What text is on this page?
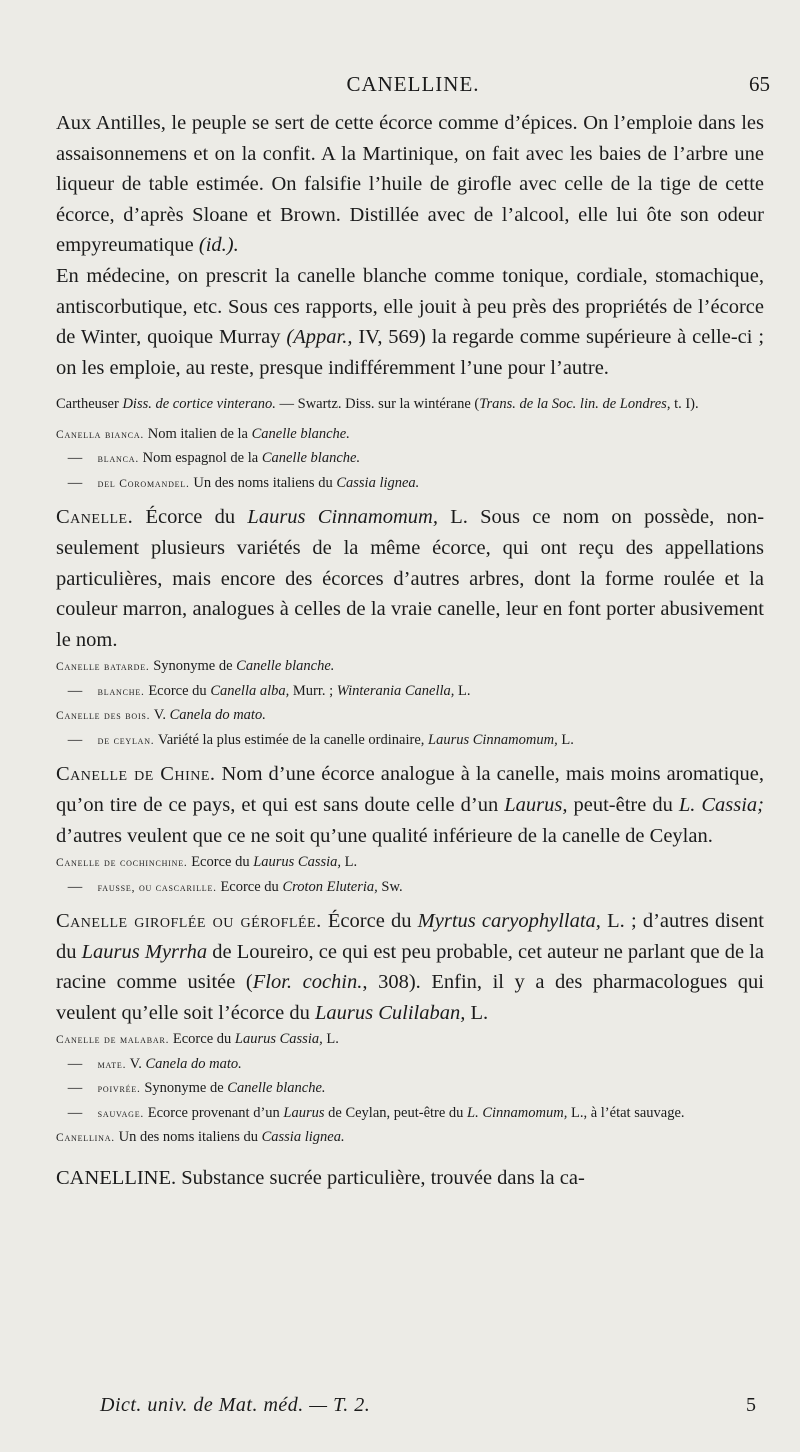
CANELLINE.	65

Aux Antilles, le peuple se sert de cette écorce comme d’épices. On l’emploie dans les assaisonnemens et on la confit. A la Martinique, on fait avec les baies de l’arbre une liqueur de table estimée. On falsifie l’huile de girofle avec celle de la tige de cette écorce, d’après Sloane et Brown. Distillée avec de l’alcool, elle lui ôte son odeur empyreumatique (id.).

En médecine, on prescrit la canelle blanche comme tonique, cordiale, stomachique, antiscorbutique, etc. Sous ces rapports, elle jouit à peu près des propriétés de l’écorce de Winter, quoique Murray (Appar., IV, 569) la regarde comme supérieure à celle-ci ; on les emploie, au reste, presque indifféremment l’une pour l’autre.

Cartheuser Diss. de cortice vinterano. — Swartz. Diss. sur la wintérane (Trans. de la Soc. lin. de Londres, t. I).

Canella bianca. Nom italien de la Canelle blanche.

— blanca. Nom espagnol de la Canelle blanche.

— del Coromandel. Un des noms italiens du Cassia lignea.

Canelle. Écorce du Laurus Cinnamomum, L. Sous ce nom on possède, non-seulement plusieurs variétés de la même écorce, qui ont reçu des appellations particulières, mais encore des écorces d’autres arbres, dont la forme roulée et la couleur marron, analogues à celles de la vraie canelle, leur en font porter abusivement le nom.

Canelle batarde. Synonyme de Canelle blanche.

— blanche. Ecorce du Canella alba, Murr. ; Winterania Canella, L.

Canelle des bois. V. Canela do mato.

— de ceylan. Variété la plus estimée de la canelle ordinaire, Laurus Cinnamomum, L.

Canelle de Chine. Nom d’une écorce analogue à la canelle, mais moins aromatique, qu’on tire de ce pays, et qui est sans doute celle d’un Laurus, peut-être du L. Cassia; d’autres veulent que ce ne soit qu’une qualité inférieure de la canelle de Ceylan.

Canelle de cochinchine. Ecorce du Laurus Cassia, L.

— fausse, ou cascarille. Ecorce du Croton Eluteria, Sw.

Canelle giroflée ou géroflée. Écorce du Myrtus caryophyllata, L. ; d’autres disent du Laurus Myrrha de Loureiro, ce qui est peu probable, cet auteur ne parlant que de la racine comme usitée (Flor. cochin., 308). Enfin, il y a des pharmacologues qui veulent qu’elle soit l’écorce du Laurus Culilaban, L.

Canelle de malabar. Ecorce du Laurus Cassia, L.

— mate. V. Canela do mato.

— poivrée. Synonyme de Canelle blanche.

— sauvage. Ecorce provenant d’un Laurus de Ceylan, peut-être du L. Cinnamomum, L., à l’état sauvage.

Canellina. Un des noms italiens du Cassia lignea.

CANELLINE. Substance sucrée particulière, trouvée dans la ca-

Dict. univ. de Mat. méd. — T. 2.	5
